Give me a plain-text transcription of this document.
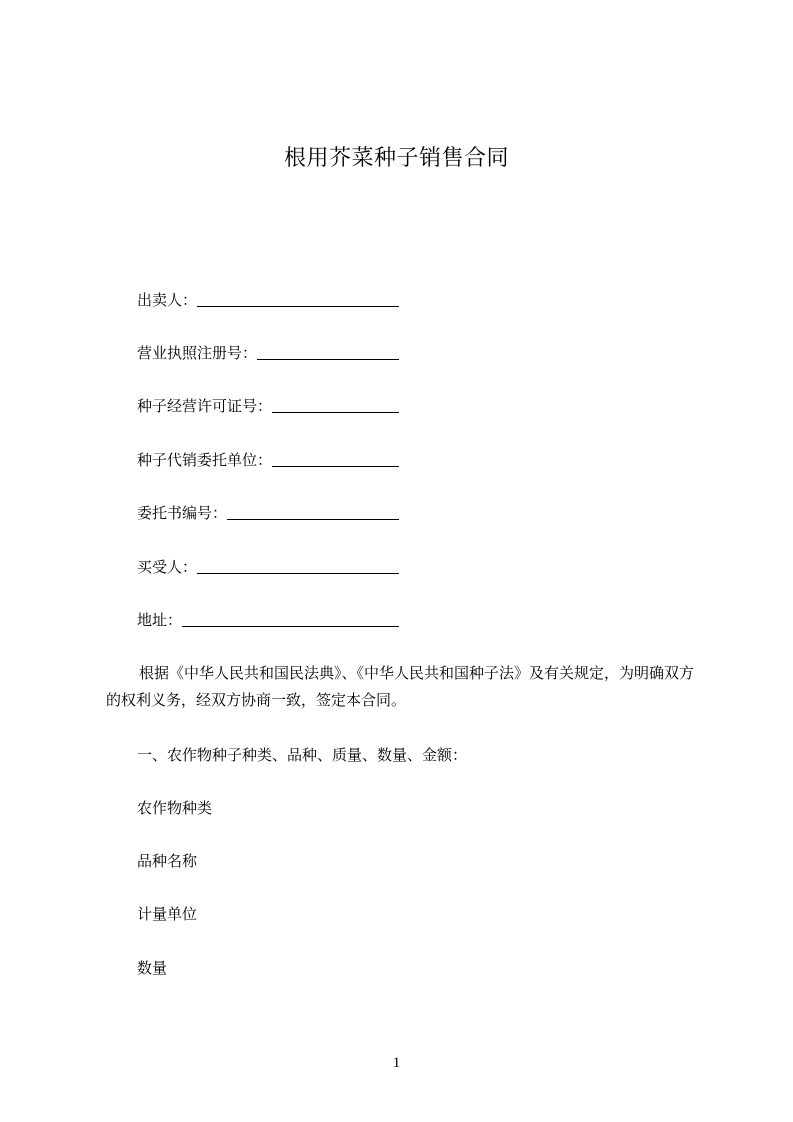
根用芥菜种子销售合同
出卖人：
营业执照注册号：
种子经营许可证号：
种子代销委托单位：
委托书编号：
买受人：
地址：
根据《中华人民共和国民法典》、《中华人民共和国种子法》及有关规定，为明确双方的权利义务，经双方协商一致，签定本合同。
一、农作物种子种类、品种、质量、数量、金额：
农作物种类
品种名称
计量单位
数量
1
